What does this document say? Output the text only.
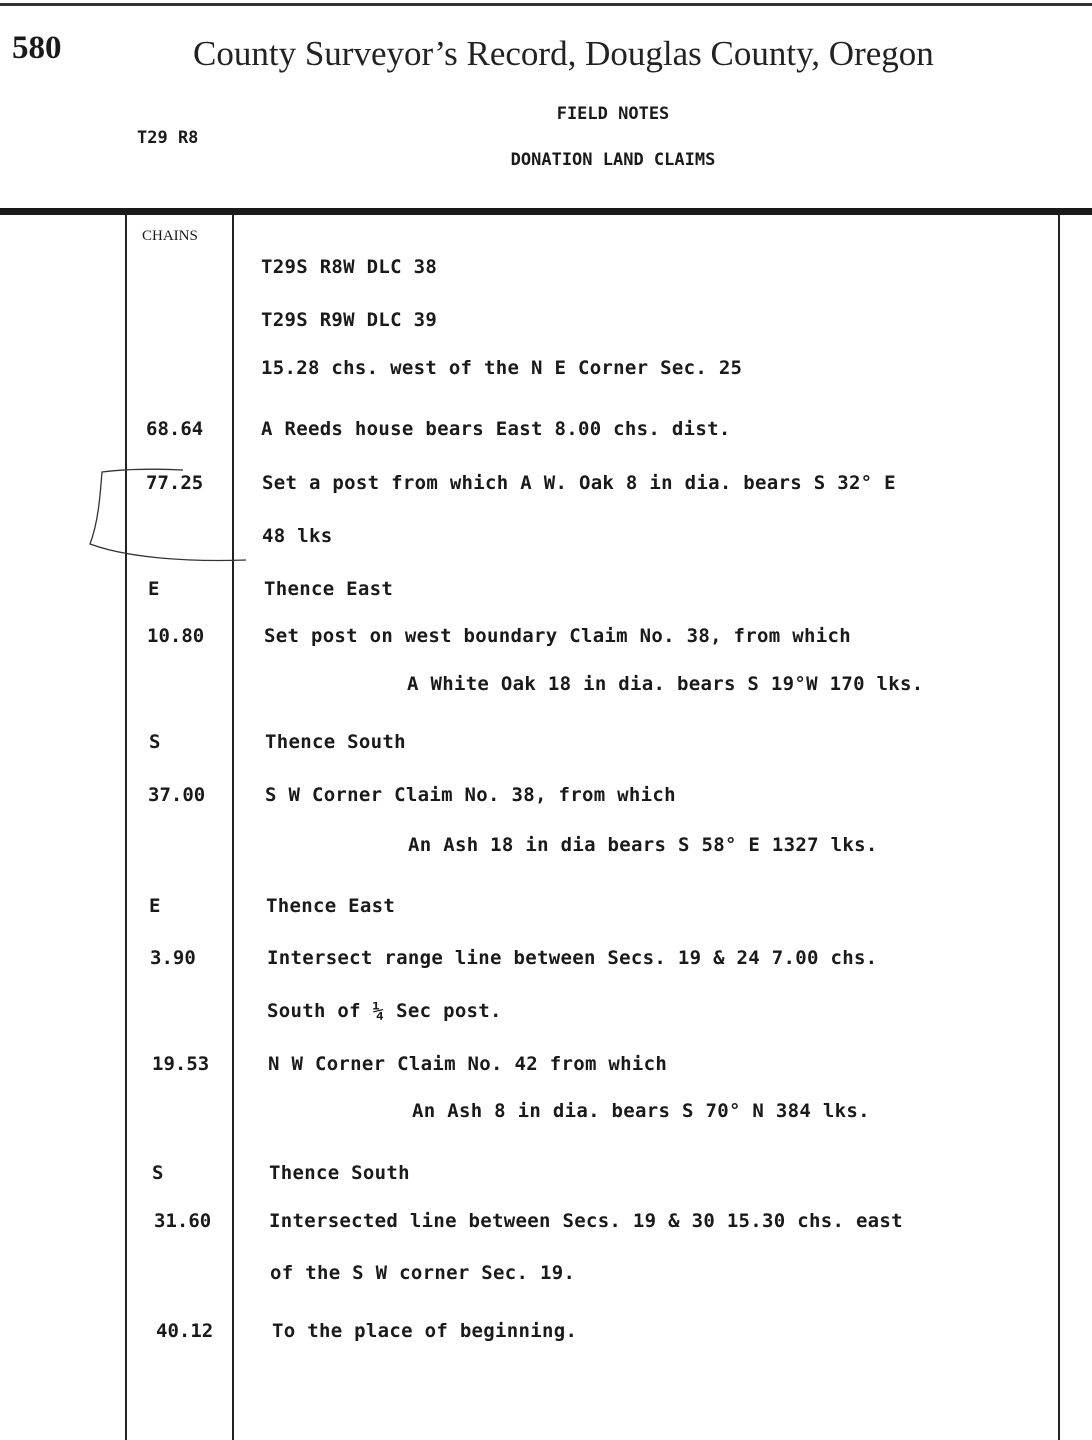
580	County Surveyor’s Record, Douglas County, Oregon
T29 R8
FIELD NOTES
DONATION LAND CLAIMS
CHAINS
T29S R8W DLC 38
T29S R9W DLC 39
15.28 chs. west of the N E Corner Sec. 25
68.64	A Reeds house bears East 8.00 chs. dist.
77.25	Set a post from which A W. Oak 8 in dia. bears S 32° E
48 lks
E	Thence East
10.80	Set post on west boundary Claim No. 38, from which
A White Oak 18 in dia. bears S 19°W 170 lks.
S	Thence South
37.00	S W Corner Claim No. 38, from which
An Ash 18 in dia bears S 58° E 1327 lks.
E	Thence East
3.90	Intersect range line between Secs. 19 & 24 7.00 chs.
South of ¼ Sec post.
19.53	N W Corner Claim No. 42 from which
An Ash 8 in dia. bears S 70° N 384 lks.
S	Thence South
31.60	Intersected line between Secs. 19 & 30 15.30 chs. east
of the S W corner Sec. 19.
40.12	To the place of beginning.
